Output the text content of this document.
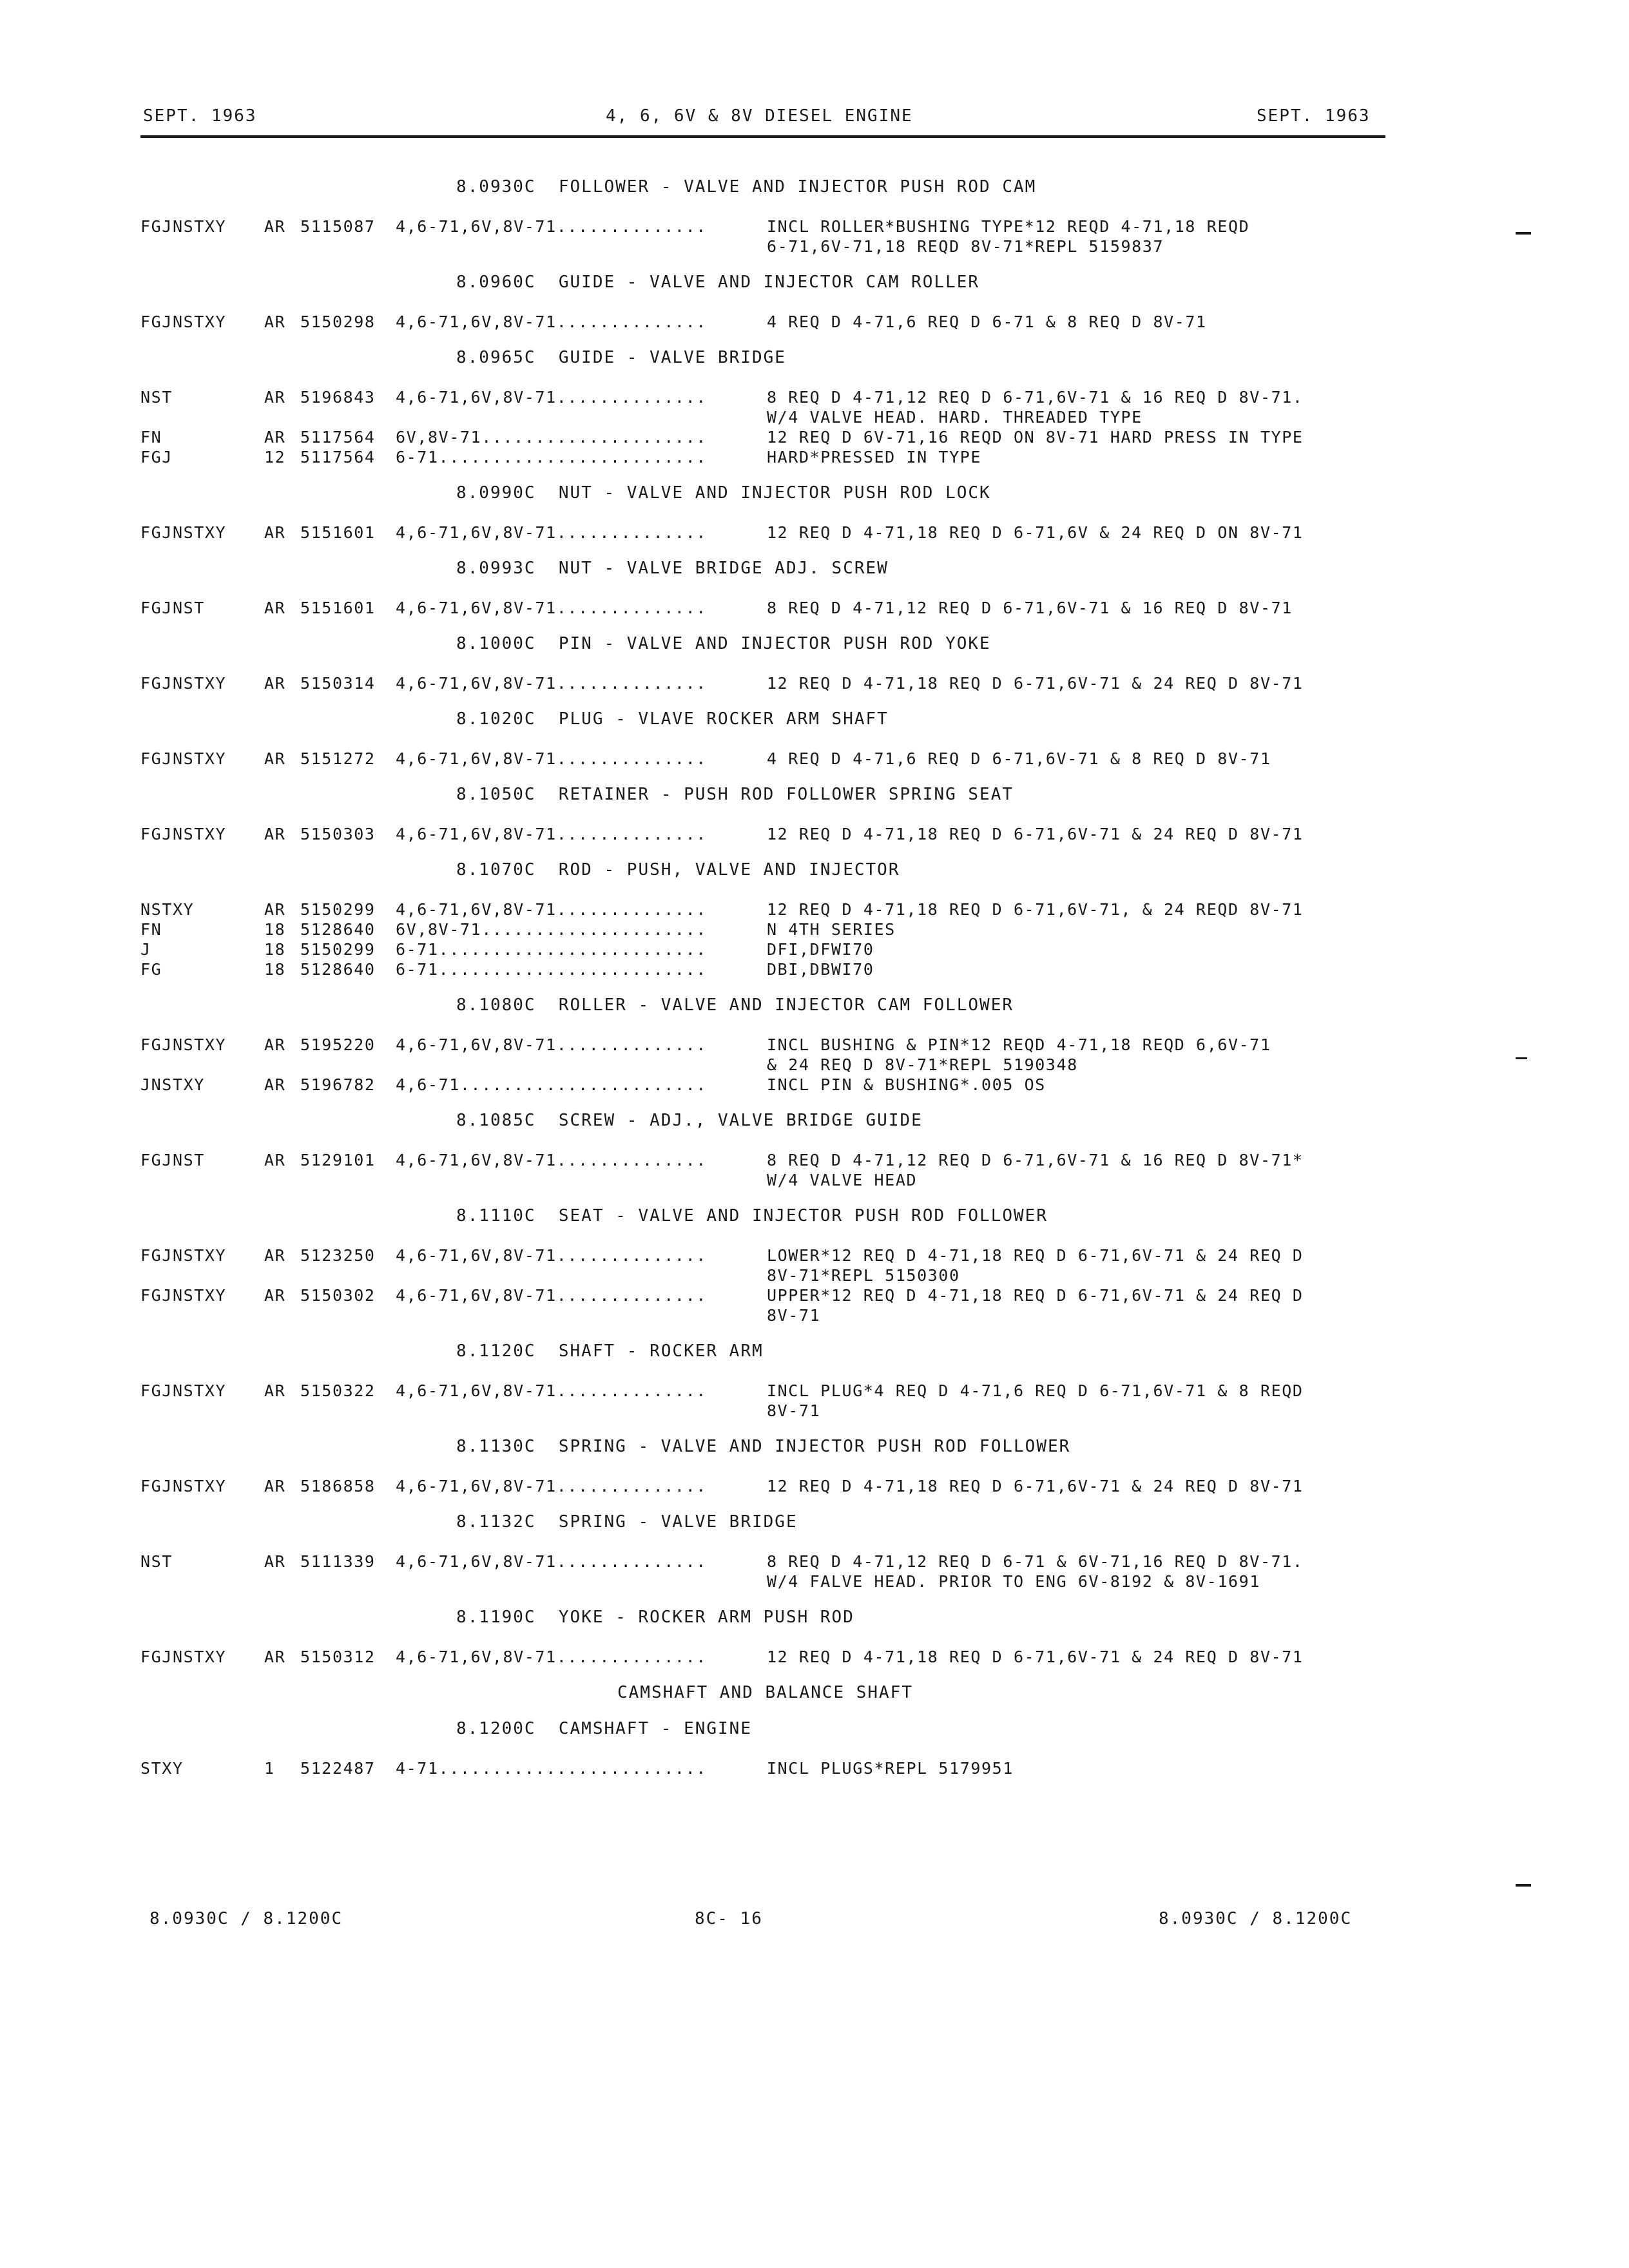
SEPT. 1963	4, 6, 6V & 8V DIESEL ENGINE	SEPT. 1963
8.0930C  FOLLOWER - VALVE AND INJECTOR PUSH ROD CAM
FGJNSTXY AR 5115087 4,6-71,6V,8V-71..............	INCL ROLLER*BUSHING TYPE*12 REQD 4-71,18 REQD
6-71,6V-71,18 REQD 8V-71*REPL 5159837
8.0960C  GUIDE - VALVE AND INJECTOR CAM ROLLER
FGJNSTXY AR 5150298 4,6-71,6V,8V-71..............	4 REQ D 4-71,6 REQ D 6-71 & 8 REQ D 8V-71
8.0965C  GUIDE - VALVE BRIDGE
NST	AR 5196843 4,6-71,6V,8V-71..............	8 REQ D 4-71,12 REQ D 6-71,6V-71 & 16 REQ D 8V-71.
W/4 VALVE HEAD. HARD. THREADED TYPE
FN	AR 5117564 6V,8V-71.....................	12 REQ D 6V-71,16 REQD ON 8V-71 HARD PRESS IN TYPE
FGJ	12 5117564 6-71.........................	HARD*PRESSED IN TYPE
8.0990C  NUT - VALVE AND INJECTOR PUSH ROD LOCK
FGJNSTXY AR 5151601 4,6-71,6V,8V-71..............	12 REQ D 4-71,18 REQ D 6-71,6V & 24 REQ D ON 8V-71
8.0993C  NUT - VALVE BRIDGE ADJ. SCREW
FGJNST	AR 5151601 4,6-71,6V,8V-71..............	8 REQ D 4-71,12 REQ D 6-71,6V-71 & 16 REQ D 8V-71
8.1000C  PIN - VALVE AND INJECTOR PUSH ROD YOKE
FGJNSTXY AR 5150314 4,6-71,6V,8V-71..............	12 REQ D 4-71,18 REQ D 6-71,6V-71 & 24 REQ D 8V-71
8.1020C  PLUG - VLAVE ROCKER ARM SHAFT
FGJNSTXY AR 5151272 4,6-71,6V,8V-71..............	4 REQ D 4-71,6 REQ D 6-71,6V-71 & 8 REQ D 8V-71
8.1050C  RETAINER - PUSH ROD FOLLOWER SPRING SEAT
FGJNSTXY AR 5150303 4,6-71,6V,8V-71..............	12 REQ D 4-71,18 REQ D 6-71,6V-71 & 24 REQ D 8V-71
8.1070C  ROD - PUSH, VALVE AND INJECTOR
NSTXY	AR 5150299 4,6-71,6V,8V-71..............	12 REQ D 4-71,18 REQ D 6-71,6V-71, & 24 REQD 8V-71
FN	18 5128640 6V,8V-71.....................	N 4TH SERIES
J	18 5150299 6-71.........................	DFI,DFWI70
FG	18 5128640 6-71.........................	DBI,DBWI70
8.1080C  ROLLER - VALVE AND INJECTOR CAM FOLLOWER
FGJNSTXY AR 5195220 4,6-71,6V,8V-71..............	INCL BUSHING & PIN*12 REQD 4-71,18 REQD 6,6V-71
& 24 REQ D 8V-71*REPL 5190348
JNSTXY	AR 5196782 4,6-71.......................	INCL PIN & BUSHING*.005 OS
8.1085C  SCREW - ADJ., VALVE BRIDGE GUIDE
FGJNST	AR 5129101 4,6-71,6V,8V-71..............	8 REQ D 4-71,12 REQ D 6-71,6V-71 & 16 REQ D 8V-71*
W/4 VALVE HEAD
8.1110C  SEAT - VALVE AND INJECTOR PUSH ROD FOLLOWER
FGJNSTXY AR 5123250 4,6-71,6V,8V-71..............	LOWER*12 REQ D 4-71,18 REQ D 6-71,6V-71 & 24 REQ D
8V-71*REPL 5150300
FGJNSTXY AR 5150302 4,6-71,6V,8V-71..............	UPPER*12 REQ D 4-71,18 REQ D 6-71,6V-71 & 24 REQ D
8V-71
8.1120C  SHAFT - ROCKER ARM
FGJNSTXY AR 5150322 4,6-71,6V,8V-71..............	INCL PLUG*4 REQ D 4-71,6 REQ D 6-71,6V-71 & 8 REQD
8V-71
8.1130C  SPRING - VALVE AND INJECTOR PUSH ROD FOLLOWER
FGJNSTXY AR 5186858 4,6-71,6V,8V-71..............	12 REQ D 4-71,18 REQ D 6-71,6V-71 & 24 REQ D 8V-71
8.1132C  SPRING - VALVE BRIDGE
NST	AR 5111339 4,6-71,6V,8V-71..............	8 REQ D 4-71,12 REQ D 6-71 & 6V-71,16 REQ D 8V-71.
W/4 FALVE HEAD. PRIOR TO ENG 6V-8192 & 8V-1691
8.1190C  YOKE - ROCKER ARM PUSH ROD
FGJNSTXY AR 5150312 4,6-71,6V,8V-71..............	12 REQ D 4-71,18 REQ D 6-71,6V-71 & 24 REQ D 8V-71
CAMSHAFT AND BALANCE SHAFT
8.1200C  CAMSHAFT - ENGINE
STXY	1	5122487 4-71.........................	INCL PLUGS*REPL 5179951
8.0930C / 8.1200C	8C- 16	8.0930C / 8.1200C
